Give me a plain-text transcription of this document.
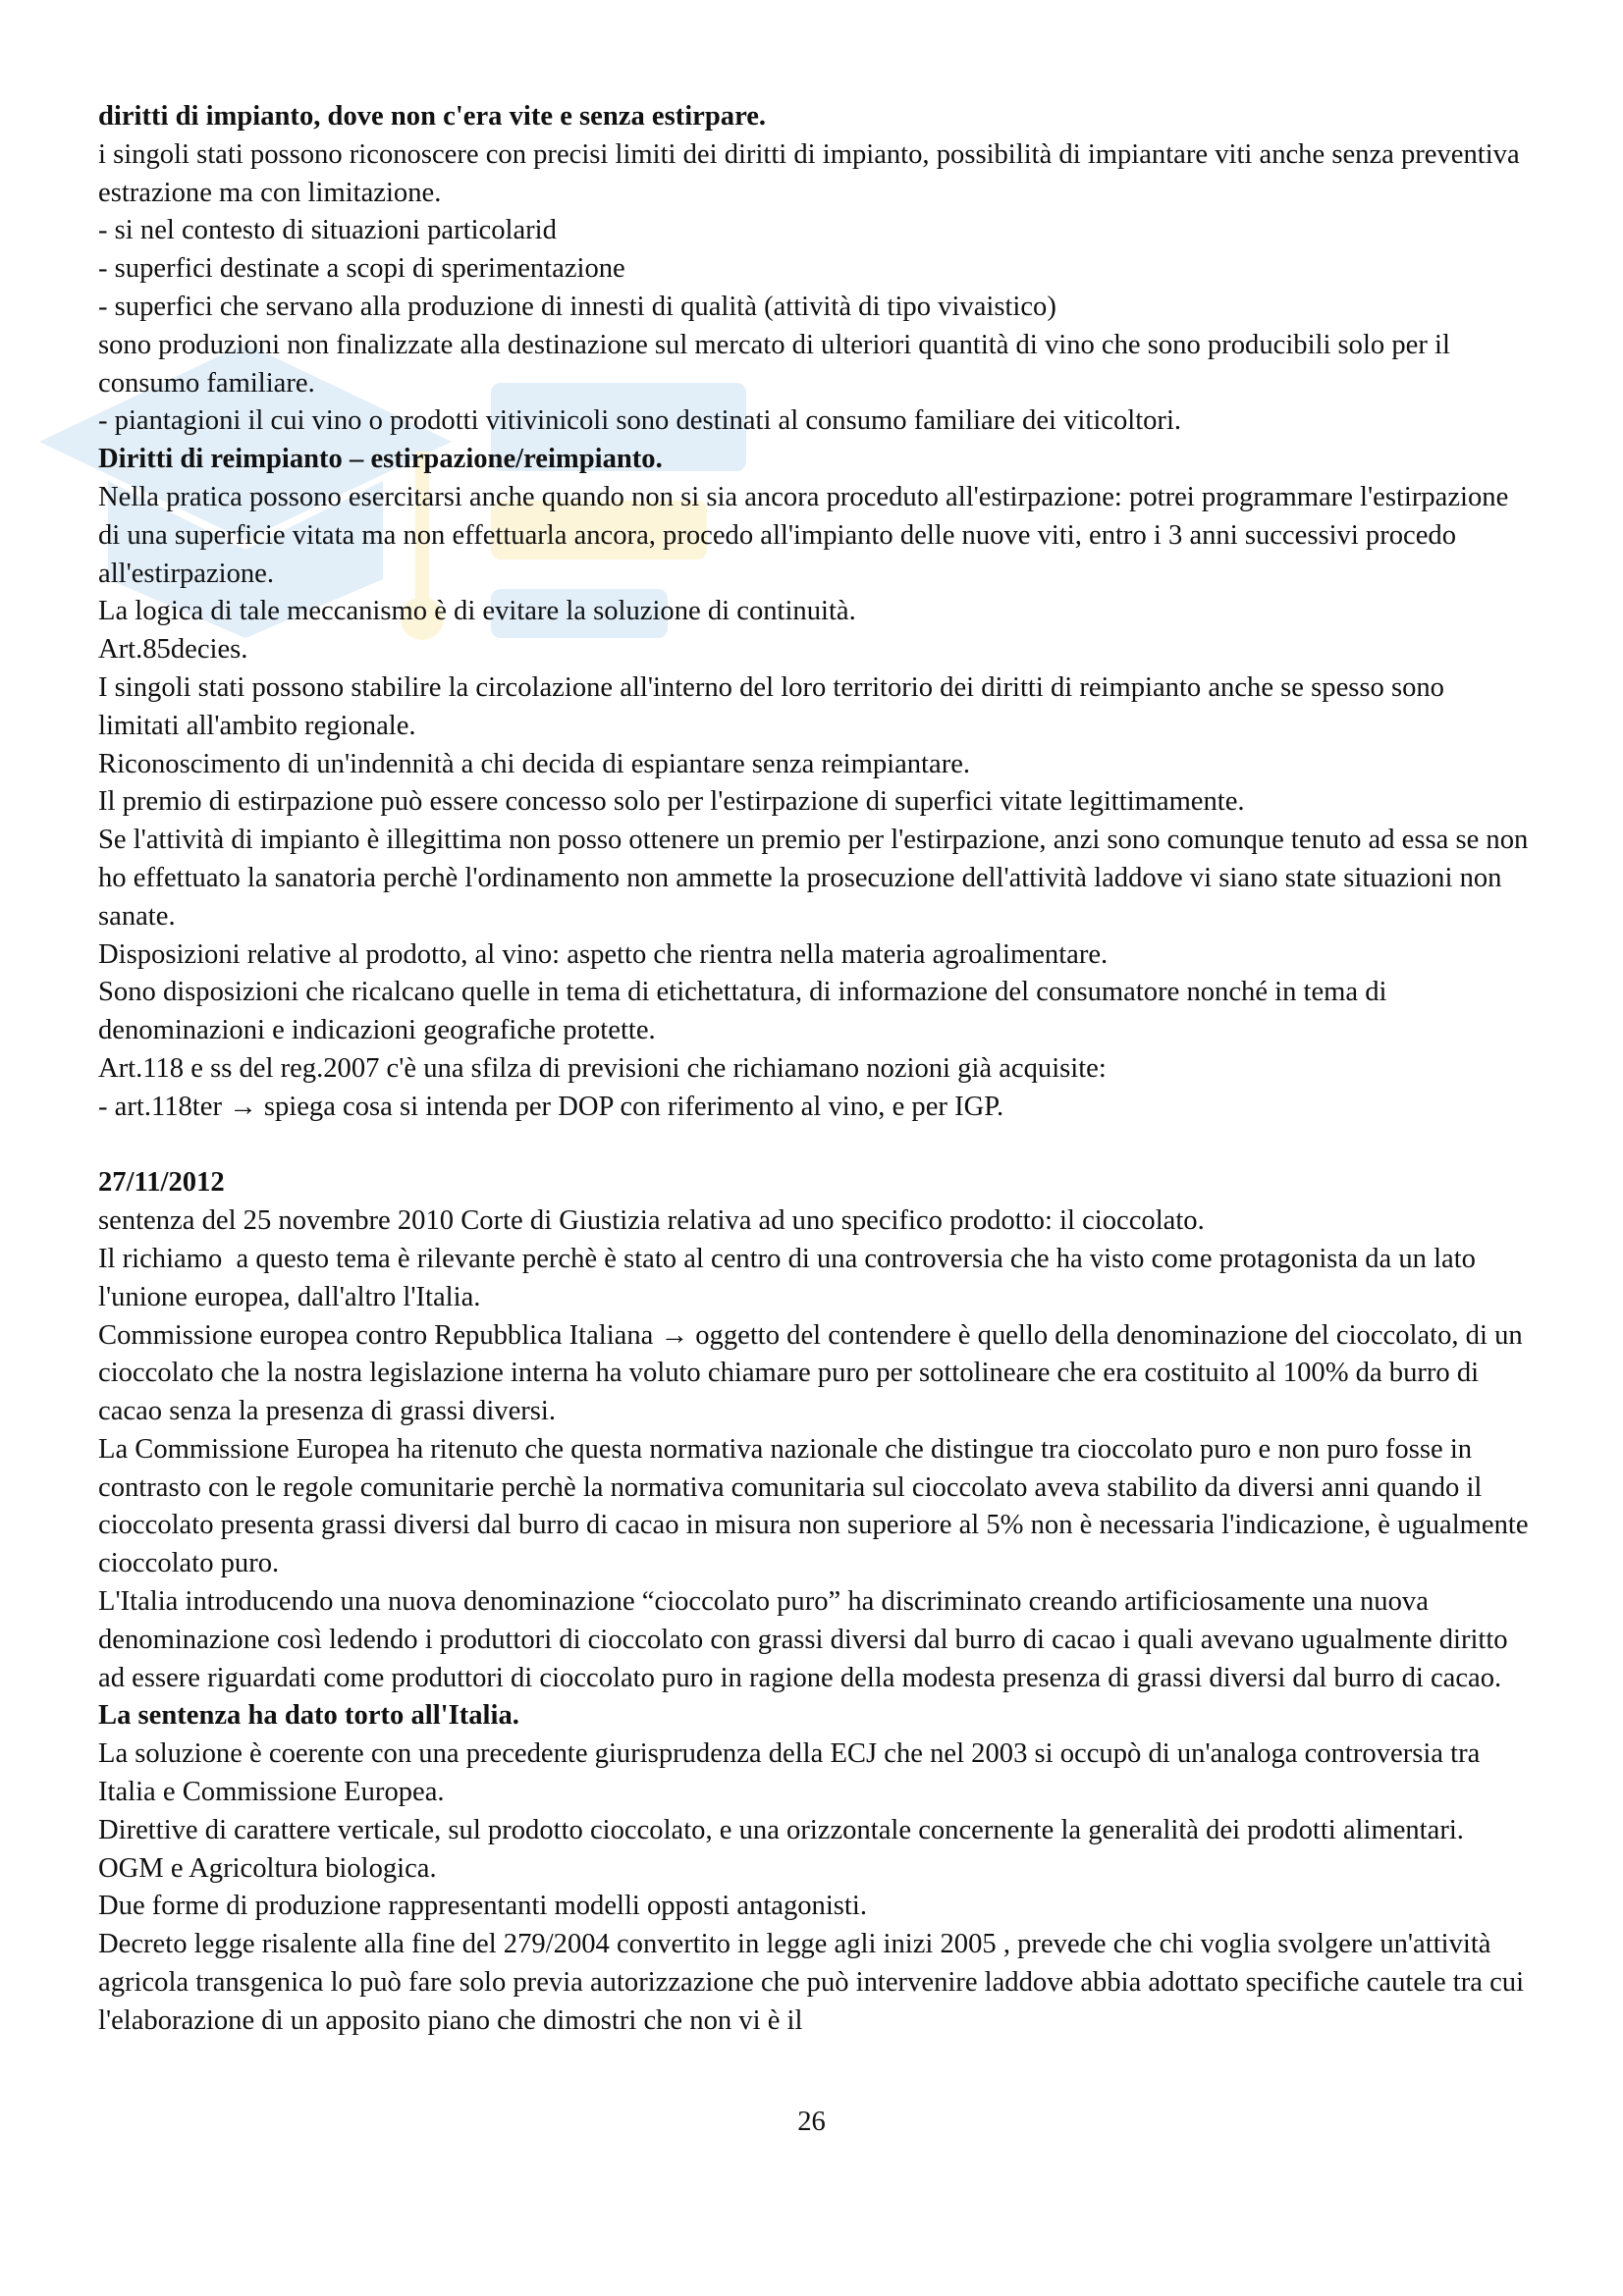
diritti di impianto, dove non c'era vite e senza estirpare.

i singoli stati possono riconoscere con precisi limiti dei diritti di impianto, possibilità di impiantare viti anche senza preventiva estrazione ma con limitazione.

- si nel contesto di situazioni particolarid

- superfici destinate a scopi di sperimentazione

- superfici che servano alla produzione di innesti di qualità (attività di tipo vivaistico)

sono produzioni non finalizzate alla destinazione sul mercato di ulteriori quantità di vino che sono producibili solo per il consumo familiare.

- piantagioni il cui vino o prodotti vitivinicoli sono destinati al consumo familiare dei viticoltori.

Diritti di reimpianto – estirpazione/reimpianto.

Nella pratica possono esercitarsi anche quando non si sia ancora proceduto all'estirpazione: potrei programmare l'estirpazione di una superficie vitata ma non effettuarla ancora, procedo all'impianto delle nuove viti, entro i 3 anni successivi procedo all'estirpazione.

La logica di tale meccanismo è di evitare la soluzione di continuità.

Art.85decies.

I singoli stati possono stabilire la circolazione all'interno del loro territorio dei diritti di reimpianto anche se spesso sono limitati all'ambito regionale.

Riconoscimento di un'indennità a chi decida di espiantare senza reimpiantare.

Il premio di estirpazione può essere concesso solo per l'estirpazione di superfici vitate legittimamente.

Se l'attività di impianto è illegittima non posso ottenere un premio per l'estirpazione, anzi sono comunque tenuto ad essa se non ho effettuato la sanatoria perchè l'ordinamento non ammette la prosecuzione dell'attività laddove vi siano state situazioni non sanate.

Disposizioni relative al prodotto, al vino: aspetto che rientra nella materia agroalimentare.

Sono disposizioni che ricalcano quelle in tema di etichettatura, di informazione del consumatore nonché in tema di denominazioni e indicazioni geografiche protette.

Art.118 e ss del reg.2007 c'è una sfilza di previsioni che richiamano nozioni già acquisite:

- art.118ter → spiega cosa si intenda per DOP con riferimento al vino, e per IGP.

27/11/2012

sentenza del 25 novembre 2010 Corte di Giustizia relativa ad uno specifico prodotto: il cioccolato.

Il richiamo  a questo tema è rilevante perchè è stato al centro di una controversia che ha visto come protagonista da un lato l'unione europea, dall'altro l'Italia.

Commissione europea contro Repubblica Italiana → oggetto del contendere è quello della denominazione del cioccolato, di un cioccolato che la nostra legislazione interna ha voluto chiamare puro per sottolineare che era costituito al 100% da burro di cacao senza la presenza di grassi diversi.

La Commissione Europea ha ritenuto che questa normativa nazionale che distingue tra cioccolato puro e non puro fosse in  contrasto con le regole comunitarie perchè la normativa comunitaria sul cioccolato aveva stabilito da diversi anni quando il cioccolato presenta grassi diversi dal burro di cacao in misura non superiore al 5% non è necessaria l'indicazione, è ugualmente cioccolato puro.

L'Italia introducendo una nuova denominazione “cioccolato puro” ha discriminato creando artificiosamente una nuova denominazione così ledendo i produttori di cioccolato con grassi diversi dal burro di cacao i quali avevano ugualmente diritto ad essere riguardati come produttori di cioccolato puro in ragione della modesta presenza di grassi diversi dal burro di cacao.

La sentenza ha dato torto all'Italia.

La soluzione è coerente con una precedente giurisprudenza della ECJ che nel 2003 si occupò di un'analoga controversia tra Italia e Commissione Europea.

Direttive di carattere verticale, sul prodotto cioccolato, e una orizzontale concernente la generalità dei prodotti alimentari.

OGM e Agricoltura biologica.

Due forme di produzione rappresentanti modelli opposti antagonisti.

Decreto legge risalente alla fine del 279/2004 convertito in legge agli inizi 2005 , prevede che chi voglia svolgere un'attività agricola transgenica lo può fare solo previa autorizzazione che può intervenire laddove abbia adottato specifiche cautele tra cui l'elaborazione di un apposito piano che dimostri che non vi è il

26
